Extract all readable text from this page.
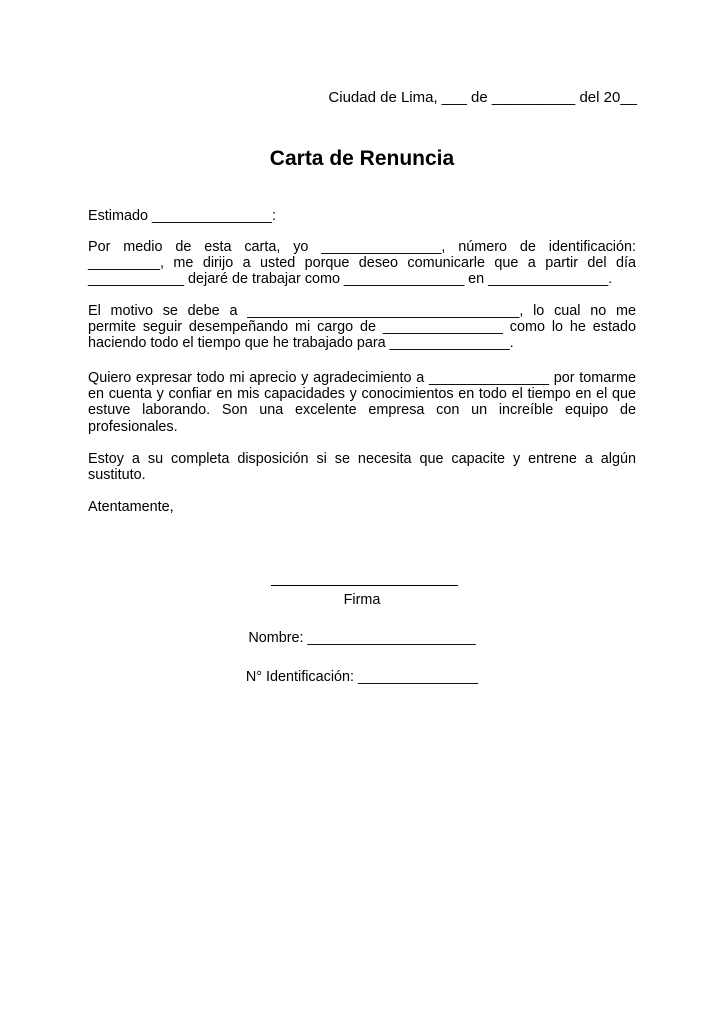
Ciudad de Lima, ___ de __________ del 20__
Carta de Renuncia

Estimado _______________:

Por medio de esta carta, yo _______________, número de identificación: _________, me dirijo a usted porque deseo comunicarle que a partir del día ____________ dejaré de trabajar como _______________ en _______________.

El motivo se debe a __________________________________, lo cual no me permite seguir desempeñando mi cargo de _______________ como lo he estado haciendo todo el tiempo que he trabajado para _______________.

Quiero expresar todo mi aprecio y agradecimiento a _______________ por tomarme en cuenta y confiar en mis capacidades y conocimientos en todo el tiempo en el que estuve laborando. Son una excelente empresa con un increíble equipo de profesionales.

Estoy a su completa disposición si se necesita que capacite y entrene a algún sustituto.

Atentamente,

Firma
Nombre: _____________________
N° Identificación: _______________
